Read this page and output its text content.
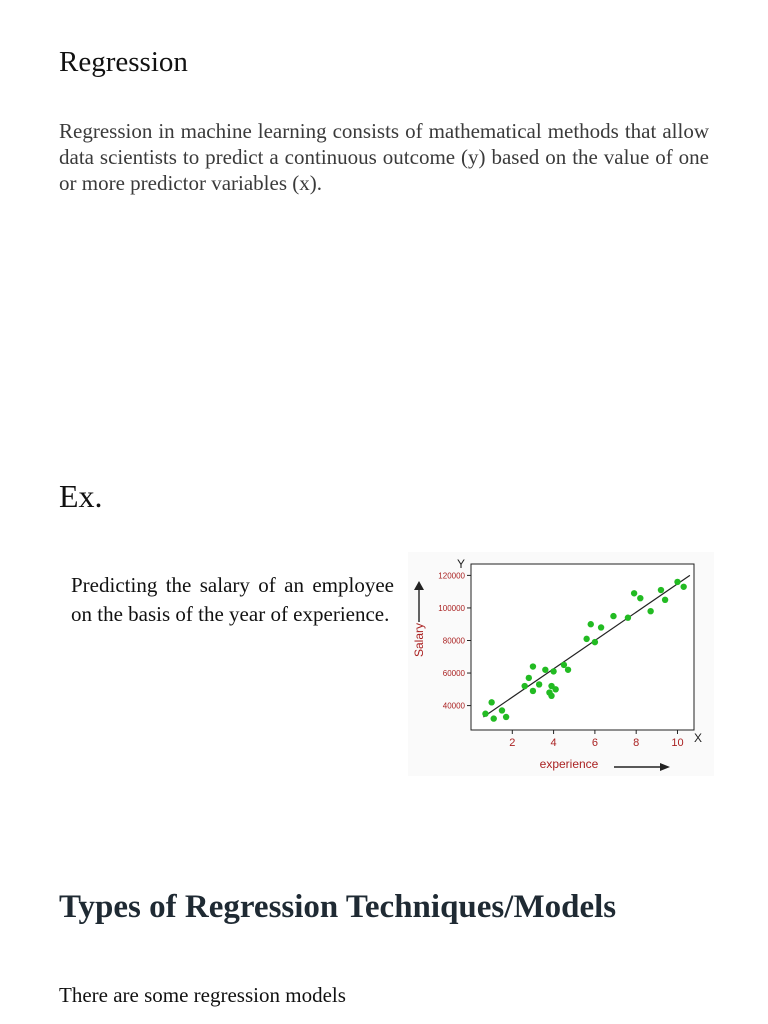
Regression
Regression in machine learning consists of mathematical methods that allow data scientists to predict a continuous outcome (y) based on the value of one or more predictor variables (x).
Ex.
Predicting the salary of an employee on the basis of the year of experience.
Y
X
Salary
experience
2	4	6	8	10
40000
60000
80000
100000
120000
Types of Regression Techniques/Models
There are some regression models
